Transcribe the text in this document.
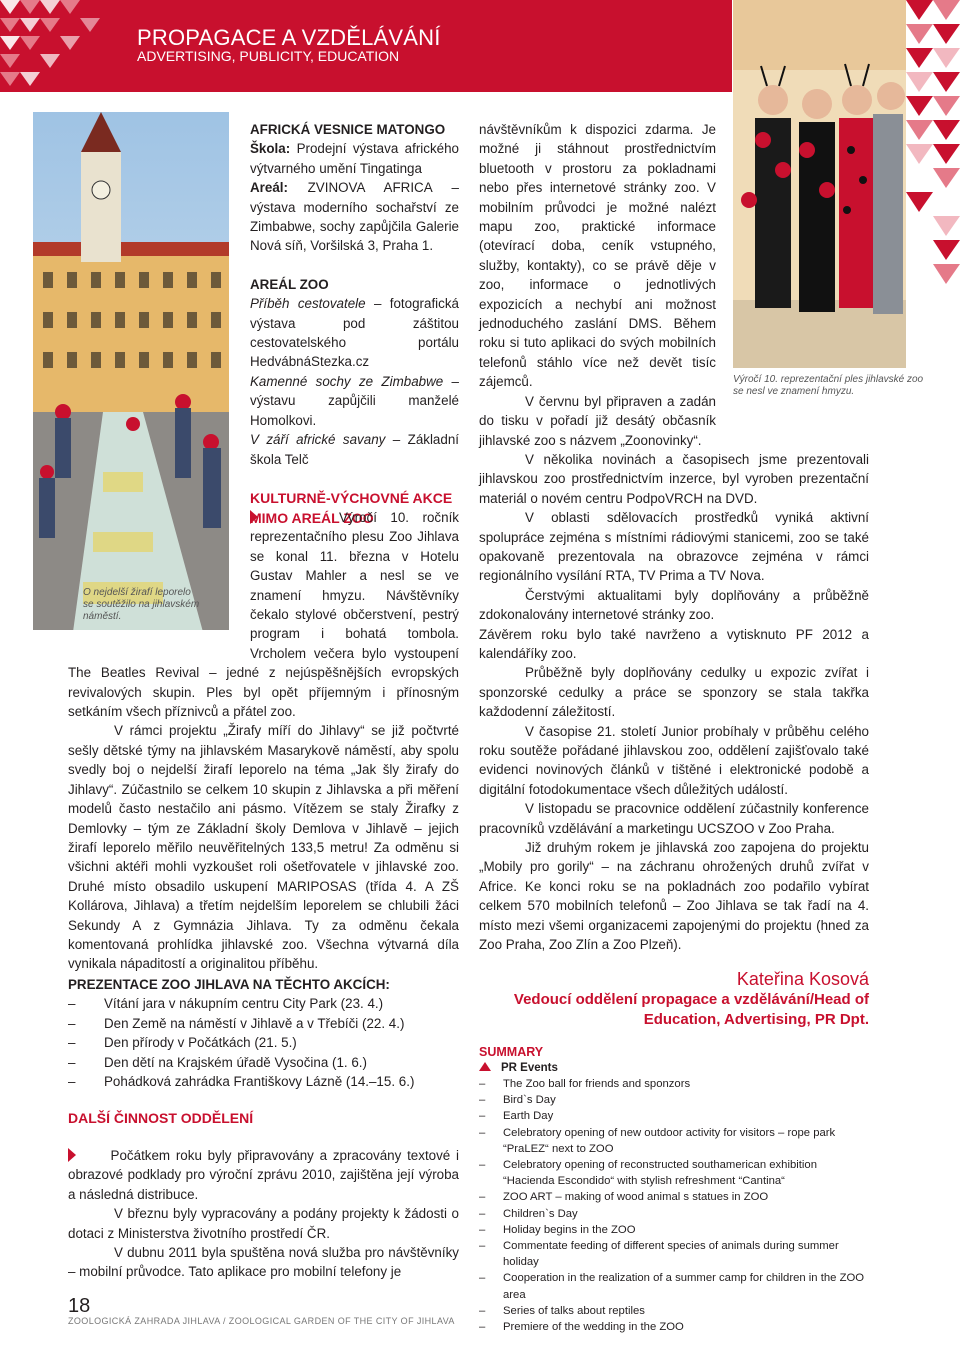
PROPAGACE A VZDĚLÁVÁNÍ
ADVERTISING, PUBLICITY, EDUCATION
O nejdelší žirafí leporelo se soutěžilo na jihlavském náměstí.
Výročí 10. reprezentační ples jihlavské zoo se nesl ve znamení hmyzu.

AFRICKÁ VESNICE MATONGO

Škola: Prodejní výstava afrického výtvarného umění Tingatinga

Areál: ZVINOVA AFRICA – výstava moderního sochařství ze Zimbabwe, sochy zapůjčila Galerie Nová síň, Voršilská 3, Praha 1.

AREÁL ZOO

Příběh cestovatele – fotografická výstava pod záštitou cestovatelského portálu HedvábnáStezka.cz

Kamenné sochy ze Zimbabwe – výstavu zapůjčili manželé Homolkovi.

V září africké savany – Základní škola Telč

KULTURNĚ-VÝCHOVNÉ AKCE

MIMO AREÁL ZOO

Výročí 10. ročník reprezentačního plesu Zoo Jihlava se konal 11. března v Hotelu Gustav Mahler a nesl se ve znamení hmyzu. Návštěvníky čekalo stylové občerstvení, pestrý program i bohatá tombola. Vrcholem večera bylo vystoupení The Beatles Revival – jedné z nejúspěšnějších evropských revivalových skupin. Ples byl opět příjemným i přínosným setkáním všech příznivců a přátel zoo.

V rámci projektu „Žirafy míří do Jihlavy“ se již počtvrté sešly dětské týmy na jihlavském Masarykově náměstí, aby spolu svedly boj o nejdelší žirafí leporelo na téma „Jak šly žirafy do Jihlavy“. Zúčastnilo se celkem 10 skupin z Jihlavska a při měření modelů často nestačilo ani pásmo. Vítězem se staly Žirafky z Demlovky – tým ze Základní školy Demlova v Jihlavě – jejich žirafí leporelo měřilo neuvěřitelných 133,5 metru! Za odměnu si všichni aktéři mohli vyzkoušet roli ošetřovatele v jihlavské zoo. Druhé místo obsadilo uskupení MARIPOSAS (třída 4. A ZŠ Kollárova, Jihlava) a třetím nejdelším leporelem se chlubili žáci Sekundy A z Gymnázia Jihlava. Ty za odměnu čekala komentovaná prohlídka jihlavské zoo. Všechna výtvarná díla vynikala nápaditostí a originalitou příběhu.

PREZENTACE ZOO JIHLAVA NA TĚCHTO AKCÍCH:

– Vítání jara v nákupním centru City Park (23. 4.)
– Den Země na náměstí v Jihlavě a v Třebíči (22. 4.)
– Den přírody v Počátkách (21. 5.)
– Den dětí na Krajském úřadě Vysočina (1. 6.)
– Pohádková zahrádka Františkovy Lázně (14.–15. 6.)

DALŠÍ ČINNOST ODDĚLENÍ

Počátkem roku byly připravovány a zpracovány textové i obrazové podklady pro výroční zprávu 2010, zajištěna její výroba a následná distribuce.

V březnu byly vypracovány a podány projekty k žádosti o dotaci z Ministerstva životního prostředí ČR.

V dubnu 2011 byla spuštěna nová služba pro návštěvníky – mobilní průvodce. Tato aplikace pro mobilní telefony je

návštěvníkům k dispozici zdarma. Je možné ji stáhnout prostřednictvím bluetooth v prostoru za pokladnami nebo přes internetové stránky zoo. V mobilním průvodci je možné nalézt mapu zoo, praktické informace (otevírací doba, ceník vstupného, služby, kontakty), co se právě děje v zoo, informace o jednotlivých expozicích a nechybí ani možnost jednoduchého zaslání DMS. Během roku si tuto aplikaci do svých mobilních telefonů stáhlo více než devět tisíc zájemců.

V červnu byl připraven a zadán do tisku v pořadí již desátý občasník jihlavské zoo s názvem „Zoonovinky“.

V několika novinách a časopisech jsme prezentovali jihlavskou zoo prostřednictvím inzerce, byl vyroben prezentační materiál o novém centru PodpoVRCH na DVD.

V oblasti sdělovacích prostředků vyniká aktivní spolupráce zejména s místními rádiovými stanicemi, zoo se také opakovaně prezentovala na obrazovce zejména v rámci regionálního vysílání RTA, TV Prima a TV Nova.

Čerstvými aktualitami byly doplňovány a průběžně zdokonalovány internetové stránky zoo.

Závěrem roku bylo také navrženo a vytisknuto PF 2012 a kalendáříky zoo.

Průběžně byly doplňovány cedulky u expozic zvířat i sponzorské cedulky a práce se sponzory se stala takřka každodenní záležitostí.

V časopise 21. století Junior probíhaly v průběhu celého roku soutěže pořádané jihlavskou zoo, oddělení zajišťovalo také evidenci novinových článků v tištěné i elektronické podobě a digitální fotodokumentace všech důležitých událostí.

V listopadu se pracovnice oddělení zúčastnily konference pracovníků vzdělávání a marketingu UCSZOO v Zoo Praha.

Již druhým rokem je jihlavská zoo zapojena do projektu „Mobily pro gorily“ – na záchranu ohrožených druhů zvířat v Africe. Ke konci roku se na pokladnách zoo podařilo vybírat celkem 570 mobilních telefonů – Zoo Jihlava se tak řadí na 4. místo mezi všemi organizacemi zapojenými do projektu (hned za Zoo Praha, Zoo Zlín a Zoo Plzeň).

Kateřina Kosová
Vedoucí oddělení propagace a vzdělávání/Head of Education, Advertising, PR Dpt.
SUMMARY
PR Events
– The Zoo ball for friends and sponzors
– Bird`s Day
– Earth Day
– Celebratory opening of new outdoor activity for visitors – rope park “PraLEZ“ next to ZOO
– Celebratory opening of reconstructed southamerican exhibition “Hacienda Escondido“ with stylish refreshment “Cantina“
– ZOO ART – making of wood animal s statues in ZOO
– Children`s Day
– Holiday begins in the ZOO
– Commentate feeding of different species of animals during summer holiday
– Cooperation in the realization of a summer camp for children in the ZOO area
– Series of talks about reptiles
– Premiere of the wedding in the ZOO
18
ZOOLOGICKÁ ZAHRADA JIHLAVA / ZOOLOGICAL GARDEN OF THE CITY OF JIHLAVA
